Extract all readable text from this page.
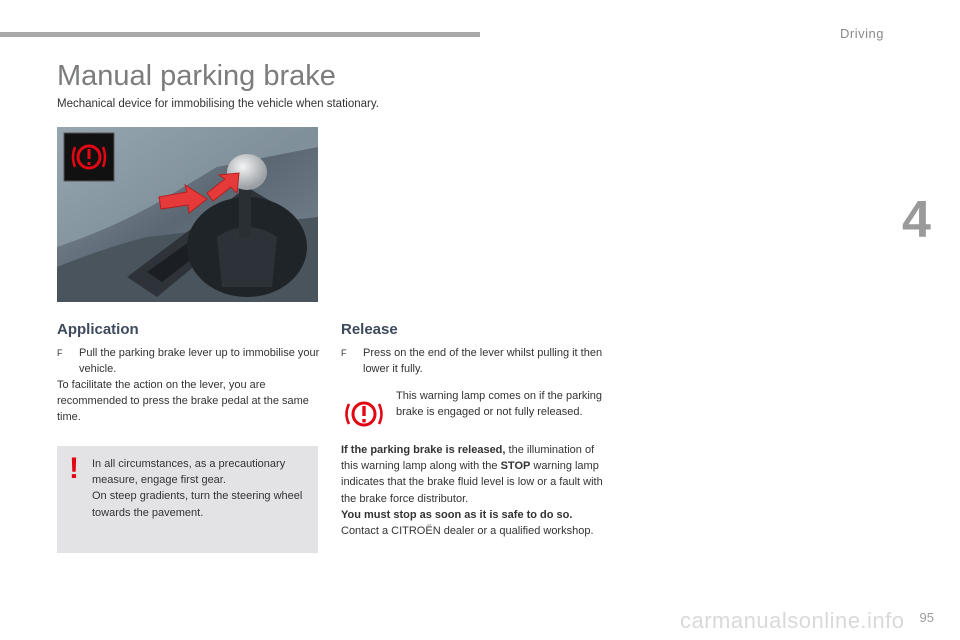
Driving
4
Manual parking brake
Mechanical device for immobilising the vehicle when stationary.
Application
F Pull the parking brake lever up to immobilise your vehicle.
To facilitate the action on the lever, you are recommended to press the brake pedal at the same time.
! In all circumstances, as a precautionary measure, engage first gear.
On steep gradients, turn the steering wheel towards the pavement.
Release
F Press on the end of the lever whilst pulling it then lower it fully.
This warning lamp comes on if the parking brake is engaged or not fully released.
If the parking brake is released, the illumination of this warning lamp along with the STOP warning lamp indicates that the brake fluid level is low or a fault with the brake force distributor.
You must stop as soon as it is safe to do so.
Contact a CITROËN dealer or a qualified workshop.
carmanualsonline.info 95
